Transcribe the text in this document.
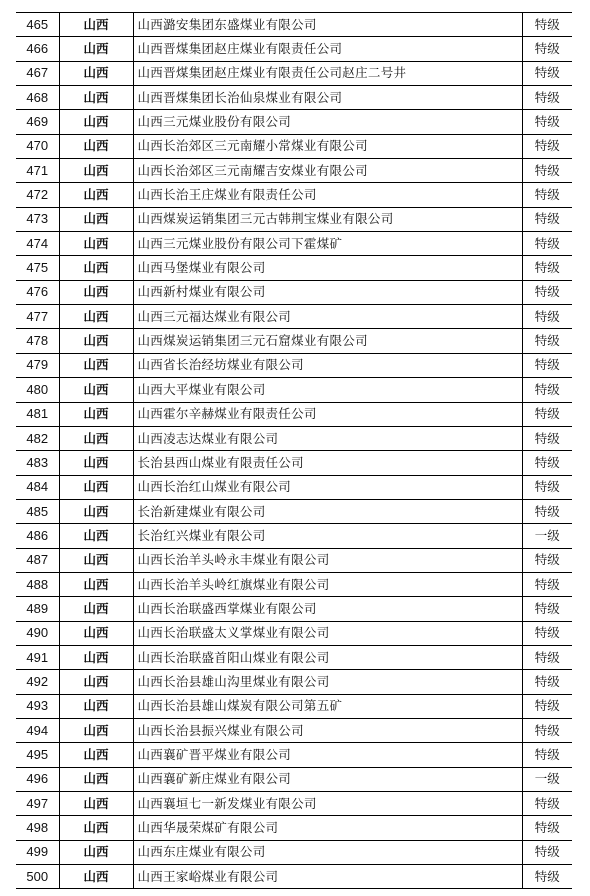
465	山西	山西潞安集团东盛煤业有限公司	特级
466	山西	山西晋煤集团赵庄煤业有限责任公司	特级
467	山西	山西晋煤集团赵庄煤业有限责任公司赵庄二号井	特级
468	山西	山西晋煤集团长治仙泉煤业有限公司	特级
469	山西	山西三元煤业股份有限公司	特级
470	山西	山西长治郊区三元南耀小常煤业有限公司	特级
471	山西	山西长治郊区三元南耀吉安煤业有限公司	特级
472	山西	山西长治王庄煤业有限责任公司	特级
473	山西	山西煤炭运销集团三元古韩荆宝煤业有限公司	特级
474	山西	山西三元煤业股份有限公司下霍煤矿	特级
475	山西	山西马堡煤业有限公司	特级
476	山西	山西新村煤业有限公司	特级
477	山西	山西三元福达煤业有限公司	特级
478	山西	山西煤炭运销集团三元石窟煤业有限公司	特级
479	山西	山西省长治经坊煤业有限公司	特级
480	山西	山西大平煤业有限公司	特级
481	山西	山西霍尔辛赫煤业有限责任公司	特级
482	山西	山西凌志达煤业有限公司	特级
483	山西	长治县西山煤业有限责任公司	特级
484	山西	山西长治红山煤业有限公司	特级
485	山西	长治新建煤业有限公司	特级
486	山西	长治红兴煤业有限公司	一级
487	山西	山西长治羊头岭永丰煤业有限公司	特级
488	山西	山西长治羊头岭红旗煤业有限公司	特级
489	山西	山西长治联盛西掌煤业有限公司	特级
490	山西	山西长治联盛太义掌煤业有限公司	特级
491	山西	山西长治联盛首阳山煤业有限公司	特级
492	山西	山西长治县雄山沟里煤业有限公司	特级
493	山西	山西长治县雄山煤炭有限公司第五矿	特级
494	山西	山西长治县振兴煤业有限公司	特级
495	山西	山西襄矿晋平煤业有限公司	特级
496	山西	山西襄矿新庄煤业有限公司	一级
497	山西	山西襄垣七一新发煤业有限公司	特级
498	山西	山西华晟荣煤矿有限公司	特级
499	山西	山西东庄煤业有限公司	特级
500	山西	山西王家峪煤业有限公司	特级
